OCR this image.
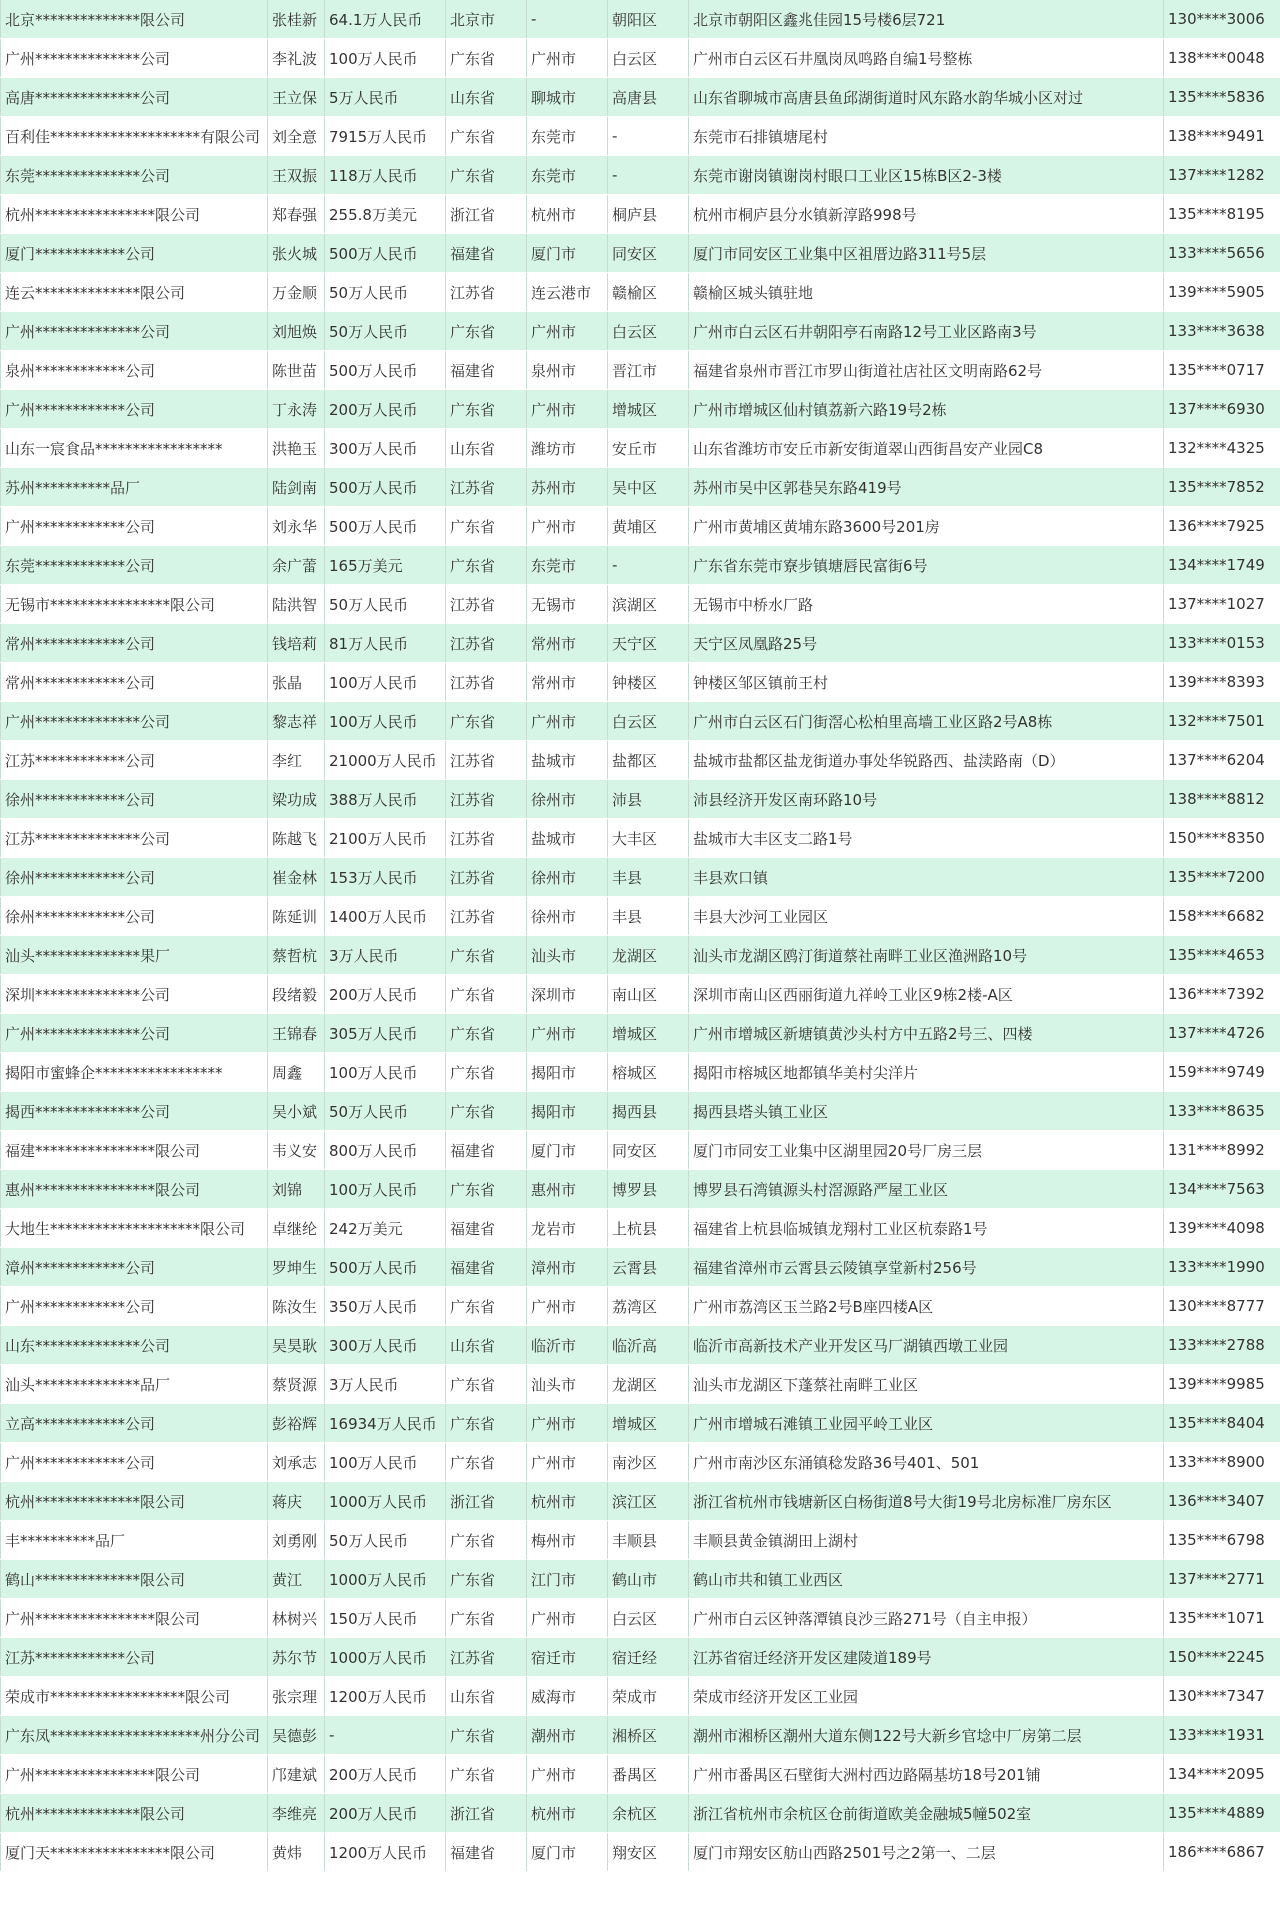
北京**************限公司	张桂新	64.1万人民币	北京市	-	朝阳区	北京市朝阳区鑫兆佳园15号楼6层721	130****3006
广州**************公司	李礼波	100万人民币	广东省	广州市	白云区	广州市白云区石井凰岗凤鸣路自编1号整栋	138****0048
高唐**************公司	王立保	5万人民币	山东省	聊城市	高唐县	山东省聊城市高唐县鱼邱湖街道时风东路水韵华城小区对过	135****5836
百利佳********************有限公司	刘全意	7915万人民币	广东省	东莞市	-	东莞市石排镇塘尾村	138****9491
东莞**************公司	王双振	118万人民币	广东省	东莞市	-	东莞市谢岗镇谢岗村眼口工业区15栋B区2-3楼	137****1282
杭州****************限公司	郑春强	255.8万美元	浙江省	杭州市	桐庐县	杭州市桐庐县分水镇新淳路998号	135****8195
厦门************公司	张火城	500万人民币	福建省	厦门市	同安区	厦门市同安区工业集中区祖厝边路311号5层	133****5656
连云**************限公司	万金顺	50万人民币	江苏省	连云港市	赣榆区	赣榆区城头镇驻地	139****5905
广州**************公司	刘旭焕	50万人民币	广东省	广州市	白云区	广州市白云区石井朝阳亭石南路12号工业区路南3号	133****3638
泉州************公司	陈世苗	500万人民币	福建省	泉州市	晋江市	福建省泉州市晋江市罗山街道社店社区文明南路62号	135****0717
广州************公司	丁永涛	200万人民币	广东省	广州市	增城区	广州市增城区仙村镇荔新六路19号2栋	137****6930
山东一宸食品*****************	洪艳玉	300万人民币	山东省	潍坊市	安丘市	山东省潍坊市安丘市新安街道翠山西街昌安产业园C8	132****4325
苏州**********品厂	陆剑南	500万人民币	江苏省	苏州市	吴中区	苏州市吴中区郭巷吴东路419号	135****7852
广州************公司	刘永华	500万人民币	广东省	广州市	黄埔区	广州市黄埔区黄埔东路3600号201房	136****7925
东莞************公司	余广蕾	165万美元	广东省	东莞市	-	广东省东莞市寮步镇塘唇民富街6号	134****1749
无锡市****************限公司	陆洪智	50万人民币	江苏省	无锡市	滨湖区	无锡市中桥水厂路	137****1027
常州************公司	钱培莉	81万人民币	江苏省	常州市	天宁区	天宁区凤凰路25号	133****0153
常州************公司	张晶	100万人民币	江苏省	常州市	钟楼区	钟楼区邹区镇前王村	139****8393
广州**************公司	黎志祥	100万人民币	广东省	广州市	白云区	广州市白云区石门街滘心松柏里高墙工业区路2号A8栋	132****7501
江苏************公司	李红	21000万人民币	江苏省	盐城市	盐都区	盐城市盐都区盐龙街道办事处华锐路西、盐渎路南（D）	137****6204
徐州************公司	梁功成	388万人民币	江苏省	徐州市	沛县	沛县经济开发区南环路10号	138****8812
江苏**************公司	陈越飞	2100万人民币	江苏省	盐城市	大丰区	盐城市大丰区支二路1号	150****8350
徐州************公司	崔金林	153万人民币	江苏省	徐州市	丰县	丰县欢口镇	135****7200
徐州************公司	陈延训	1400万人民币	江苏省	徐州市	丰县	丰县大沙河工业园区	158****6682
汕头**************果厂	蔡哲杭	3万人民币	广东省	汕头市	龙湖区	汕头市龙湖区鸥汀街道蔡社南畔工业区渔洲路10号	135****4653
深圳**************公司	段绪毅	200万人民币	广东省	深圳市	南山区	深圳市南山区西丽街道九祥岭工业区9栋2楼-A区	136****7392
广州**************公司	王锦春	305万人民币	广东省	广州市	增城区	广州市增城区新塘镇黄沙头村方中五路2号三、四楼	137****4726
揭阳市蜜蜂企*****************	周鑫	100万人民币	广东省	揭阳市	榕城区	揭阳市榕城区地都镇华美村尖洋片	159****9749
揭西**************公司	吴小斌	50万人民币	广东省	揭阳市	揭西县	揭西县塔头镇工业区	133****8635
福建****************限公司	韦义安	800万人民币	福建省	厦门市	同安区	厦门市同安工业集中区湖里园20号厂房三层	131****8992
惠州****************限公司	刘锦	100万人民币	广东省	惠州市	博罗县	博罗县石湾镇源头村滘源路严屋工业区	134****7563
大地生********************限公司	卓继纶	242万美元	福建省	龙岩市	上杭县	福建省上杭县临城镇龙翔村工业区杭泰路1号	139****4098
漳州************公司	罗坤生	500万人民币	福建省	漳州市	云霄县	福建省漳州市云霄县云陵镇享堂新村256号	133****1990
广州************公司	陈汝生	350万人民币	广东省	广州市	荔湾区	广州市荔湾区玉兰路2号B座四楼A区	130****8777
山东**************公司	吴昊耿	300万人民币	山东省	临沂市	临沂高	临沂市高新技术产业开发区马厂湖镇西墩工业园	133****2788
汕头**************品厂	蔡贤源	3万人民币	广东省	汕头市	龙湖区	汕头市龙湖区下蓬蔡社南畔工业区	139****9985
立高************公司	彭裕辉	16934万人民币	广东省	广州市	增城区	广州市增城石滩镇工业园平岭工业区	135****8404
广州************公司	刘承志	100万人民币	广东省	广州市	南沙区	广州市南沙区东涌镇稔发路36号401、501	133****8900
杭州**************限公司	蒋庆	1000万人民币	浙江省	杭州市	滨江区	浙江省杭州市钱塘新区白杨街道8号大街19号北房标准厂房东区	136****3407
丰**********品厂	刘勇刚	50万人民币	广东省	梅州市	丰顺县	丰顺县黄金镇湖田上湖村	135****6798
鹤山**************限公司	黄江	1000万人民币	广东省	江门市	鹤山市	鹤山市共和镇工业西区	137****2771
广州****************限公司	林树兴	150万人民币	广东省	广州市	白云区	广州市白云区钟落潭镇良沙三路271号（自主申报）	135****1071
江苏************公司	苏尔节	1000万人民币	江苏省	宿迁市	宿迁经	江苏省宿迁经济开发区建陵道189号	150****2245
荣成市******************限公司	张宗理	1200万人民币	山东省	威海市	荣成市	荣成市经济开发区工业园	130****7347
广东凤********************州分公司	吴德彭	-	广东省	潮州市	湘桥区	潮州市湘桥区潮州大道东侧122号大新乡官埝中厂房第二层	133****1931
广州****************限公司	邝建斌	200万人民币	广东省	广州市	番禺区	广州市番禺区石壁街大洲村西边路隔基坊18号201铺	134****2095
杭州**************限公司	李维亮	200万人民币	浙江省	杭州市	余杭区	浙江省杭州市余杭区仓前街道欧美金融城5幢502室	135****4889
厦门天****************限公司	黄炜	1200万人民币	福建省	厦门市	翔安区	厦门市翔安区舫山西路2501号之2第一、二层	186****6867
